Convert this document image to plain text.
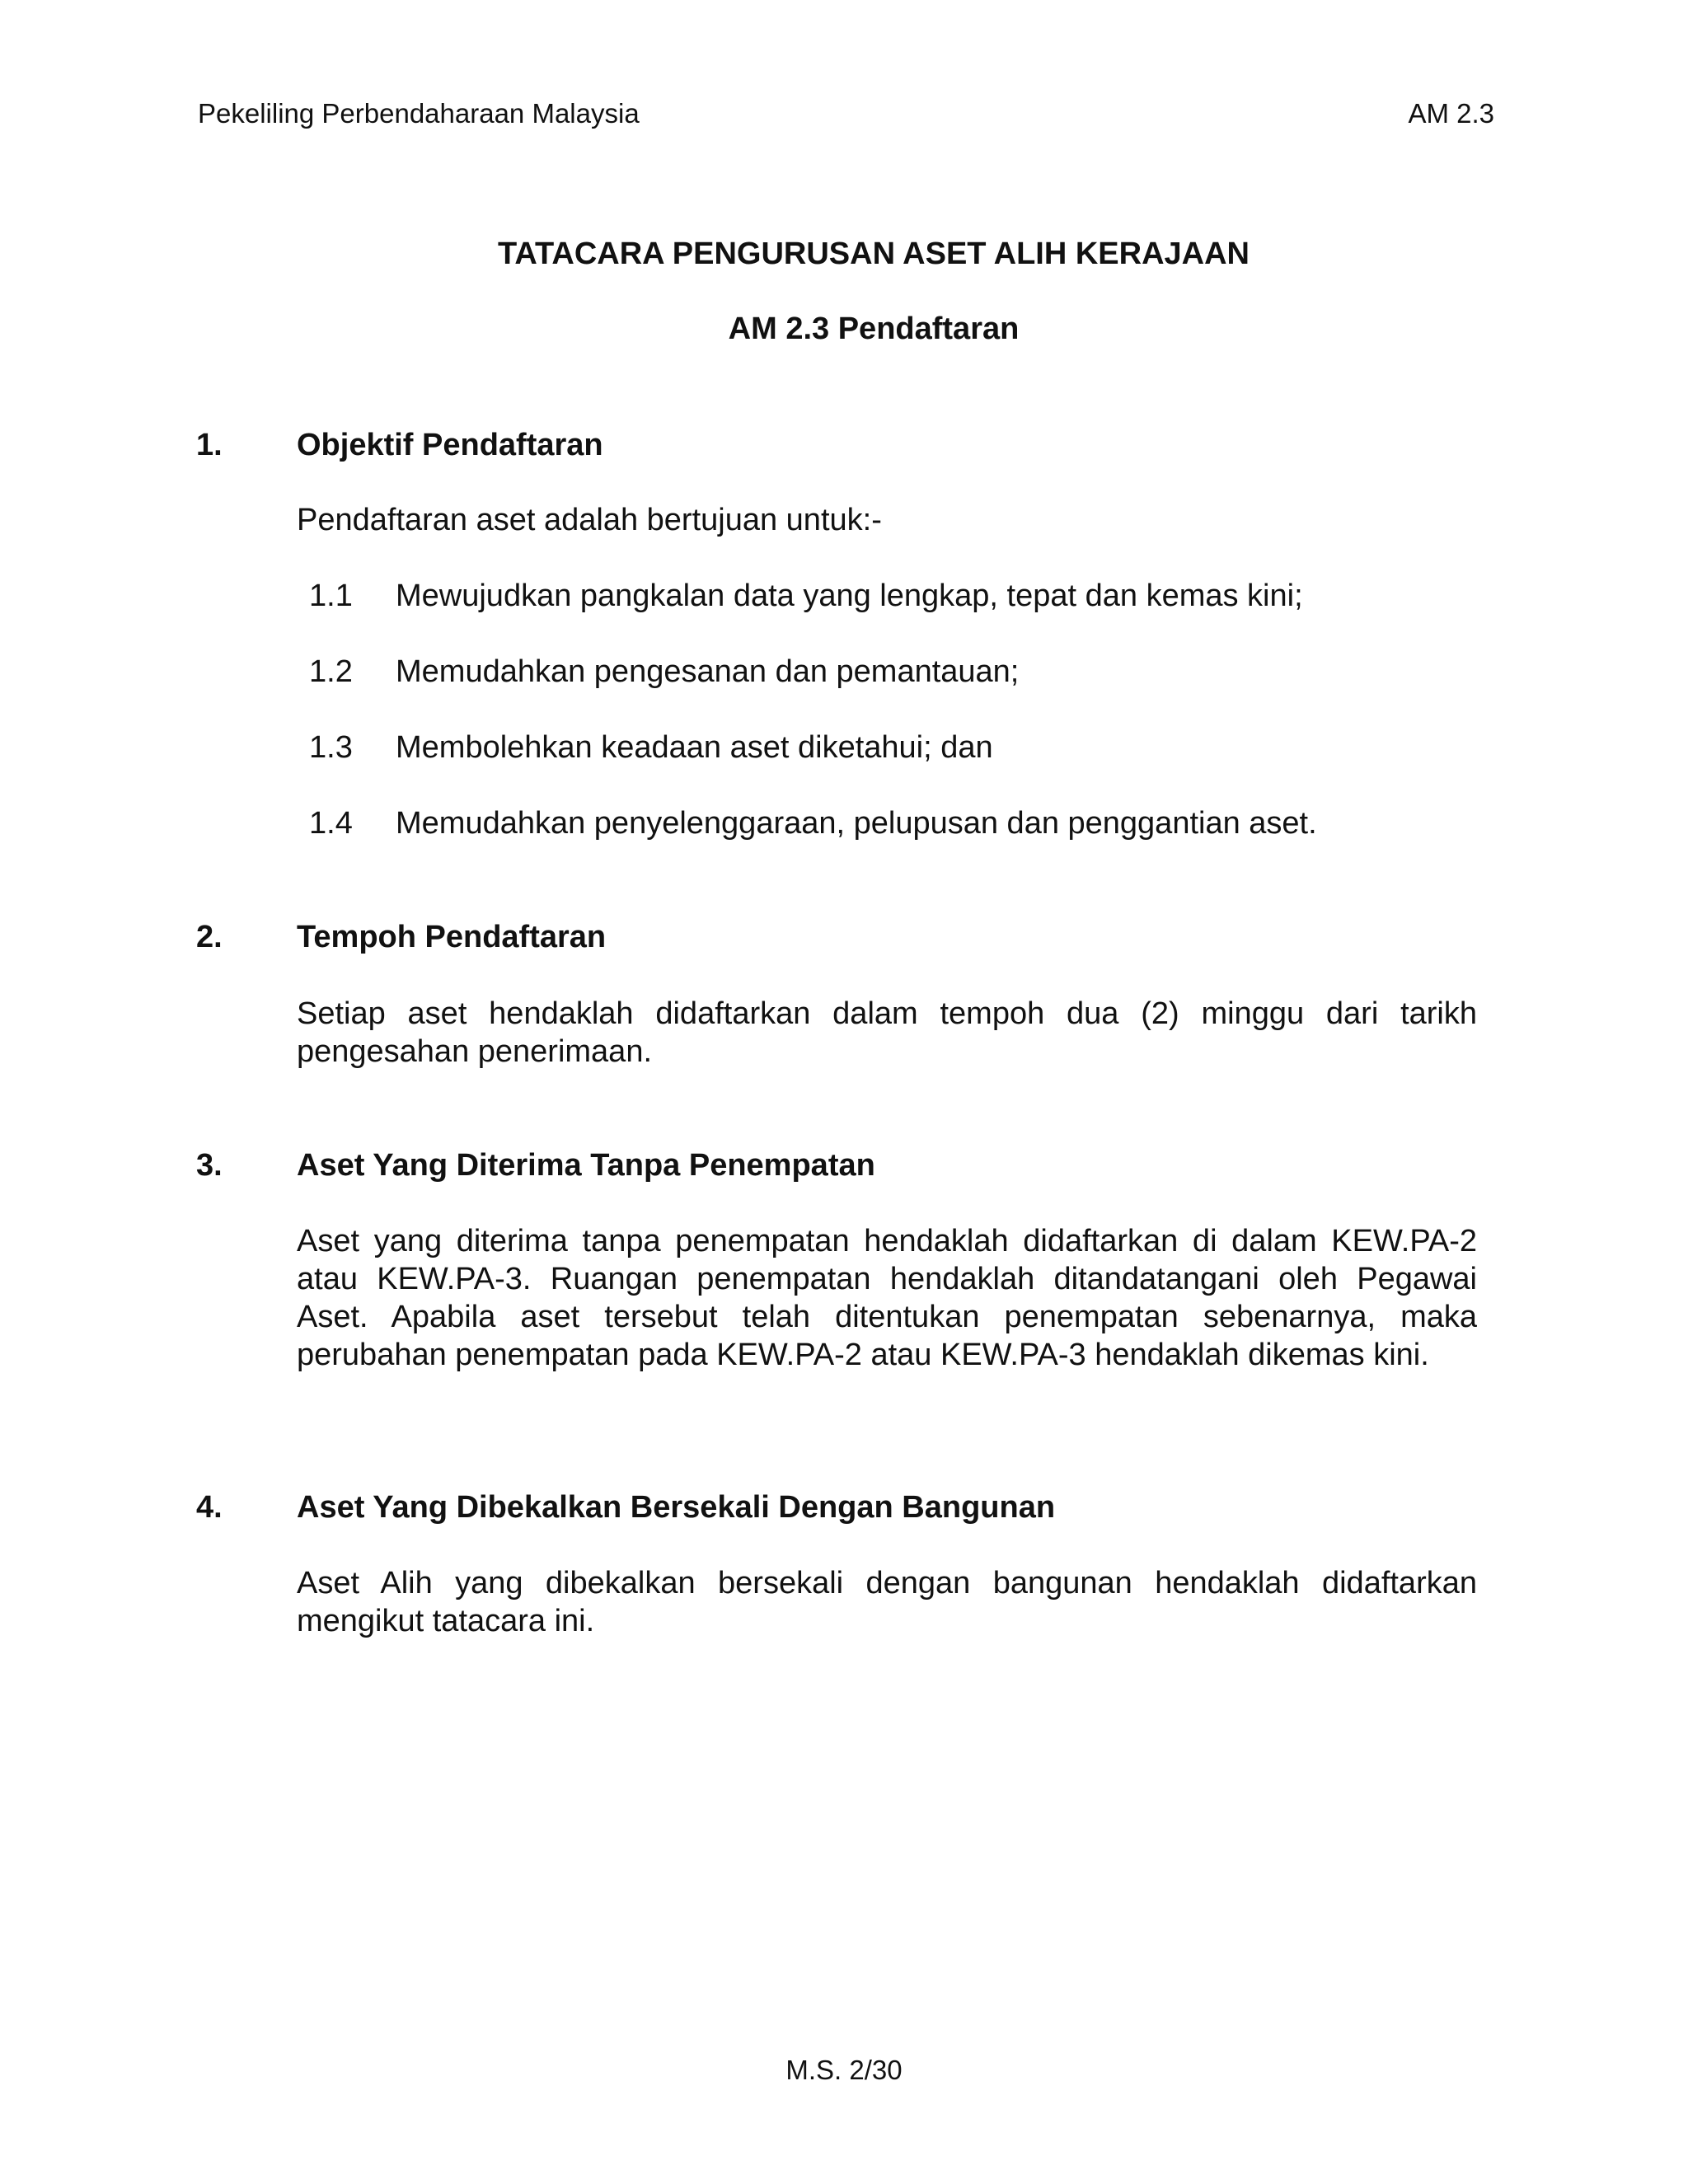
Pekeliling Perbendaharaan Malaysia	AM 2.3
TATACARA PENGURUSAN ASET ALIH KERAJAAN
AM 2.3 Pendaftaran
1. Objektif Pendaftaran
Pendaftaran aset adalah bertujuan untuk:-
1.1 Mewujudkan pangkalan data yang lengkap, tepat dan kemas kini;
1.2 Memudahkan pengesanan dan pemantauan;
1.3 Membolehkan keadaan aset diketahui; dan
1.4 Memudahkan penyelenggaraan, pelupusan dan penggantian aset.
2. Tempoh Pendaftaran
Setiap aset hendaklah didaftarkan dalam tempoh dua (2) minggu dari tarikh pengesahan penerimaan.
3. Aset Yang Diterima Tanpa Penempatan
Aset yang diterima tanpa penempatan hendaklah didaftarkan di dalam KEW.PA-2 atau KEW.PA-3. Ruangan penempatan hendaklah ditandatangani oleh Pegawai Aset. Apabila aset tersebut telah ditentukan penempatan sebenarnya, maka perubahan penempatan pada KEW.PA-2 atau KEW.PA-3 hendaklah dikemas kini.
4. Aset Yang Dibekalkan Bersekali Dengan Bangunan
Aset Alih yang dibekalkan bersekali dengan bangunan hendaklah didaftarkan mengikut tatacara ini.
M.S. 2/30
